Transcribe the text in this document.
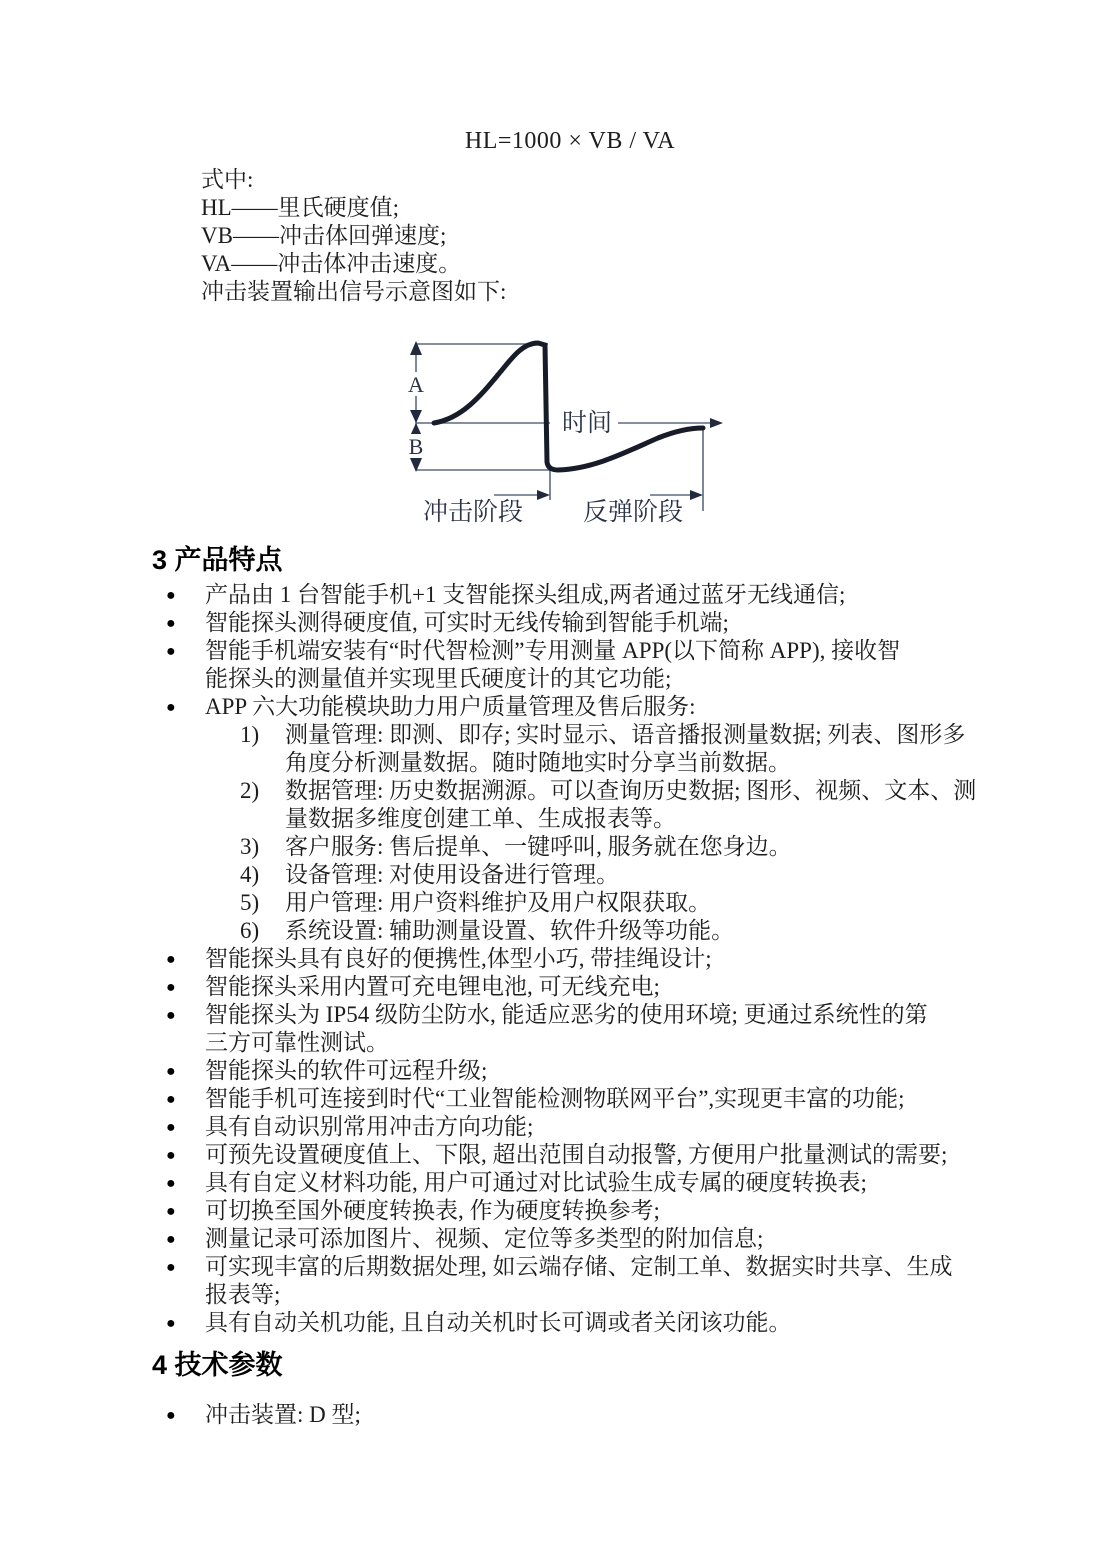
HL=1000 × VB / VA
式中:
HL——里氏硬度值;
VB——冲击体回弹速度;
VA——冲击体冲击速度。
冲击装置输出信号示意图如下:
A
B
时间
冲击阶段 反弹阶段
3 产品特点
● 产品由 1 台智能手机+1 支智能探头组成,两者通过蓝牙无线通信;
● 智能探头测得硬度值, 可实时无线传输到智能手机端;
● 智能手机端安装有“时代智检测”专用测量 APP(以下简称 APP), 接收智
能探头的测量值并实现里氏硬度计的其它功能;
● APP 六大功能模块助力用户质量管理及售后服务:
1) 测量管理: 即测、即存; 实时显示、语音播报测量数据; 列表、图形多
角度分析测量数据。随时随地实时分享当前数据。
2) 数据管理: 历史数据溯源。可以查询历史数据; 图形、视频、文本、测
量数据多维度创建工单、生成报表等。
3) 客户服务: 售后提单、一键呼叫, 服务就在您身边。
4) 设备管理: 对使用设备进行管理。
5) 用户管理: 用户资料维护及用户权限获取。
6) 系统设置: 辅助测量设置、软件升级等功能。
● 智能探头具有良好的便携性,体型小巧, 带挂绳设计;
● 智能探头采用内置可充电锂电池, 可无线充电;
● 智能探头为 IP54 级防尘防水, 能适应恶劣的使用环境; 更通过系统性的第
三方可靠性测试。
● 智能探头的软件可远程升级;
● 智能手机可连接到时代“工业智能检测物联网平台”,实现更丰富的功能;
● 具有自动识别常用冲击方向功能;
● 可预先设置硬度值上、下限, 超出范围自动报警, 方便用户批量测试的需要;
● 具有自定义材料功能, 用户可通过对比试验生成专属的硬度转换表;
● 可切换至国外硬度转换表, 作为硬度转换参考;
● 测量记录可添加图片、视频、定位等多类型的附加信息;
● 可实现丰富的后期数据处理, 如云端存储、定制工单、数据实时共享、生成
报表等;
● 具有自动关机功能, 且自动关机时长可调或者关闭该功能。
4 技术参数
● 冲击装置: D 型;
